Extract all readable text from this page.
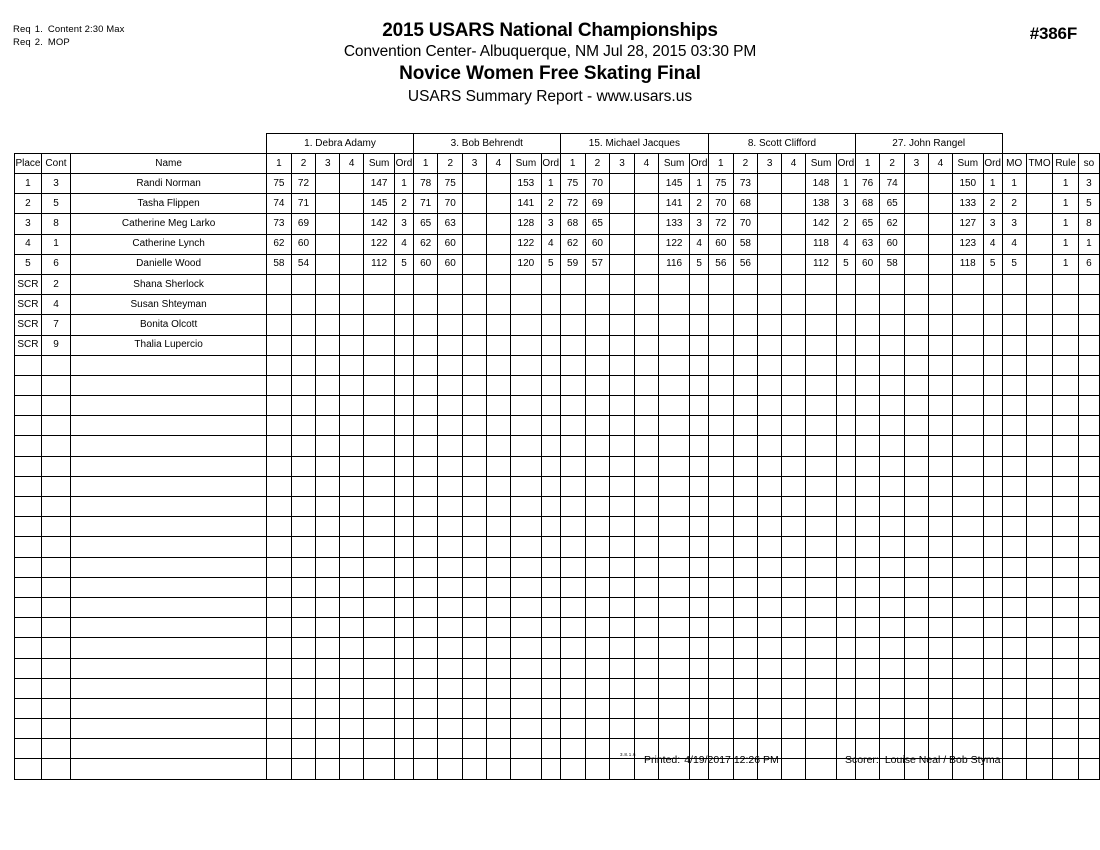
Req 1. Content 2:30 Max
Req 2. MOP
2015 USARS National Championships
Convention Center- Albuquerque, NM Jul 28, 2015 03:30 PM
Novice Women Free Skating Final
USARS Summary Report - www.usars.us
#386F
			1. Debra Adamy						3. Bob Behrendt						15. Michael Jacques						8. Scott Clifford						27. John Rangel									
Place	Cont	Name	1	2	3	4	Sum	Ord	1	2	3	4	Sum	Ord	1	2	3	4	Sum	Ord	1	2	3	4	Sum	Ord	1	2	3	4	Sum	Ord	MO	TMO	Rule	so
1	3	Randi Norman	75	72			147	1	78	75			153	1	75	70			145	1	75	73			148	1	76	74			150	1	1		1	3
2	5	Tasha Flippen	74	71			145	2	71	70			141	2	72	69			141	2	70	68			138	3	68	65			133	2	2		1	5
3	8	Catherine Meg Larko	73	69			142	3	65	63			128	3	68	65			133	3	72	70			142	2	65	62			127	3	3		1	8
4	1	Catherine Lynch	62	60			122	4	62	60			122	4	62	60			122	4	60	58			118	4	63	60			123	4	4		1	1
5	6	Danielle Wood	58	54			112	5	60	60			120	5	59	57			116	5	56	56			112	5	60	58			118	5	5		1	6
SCR	2	Shana Sherlock																																		
SCR	4	Susan Shteyman																																		
SCR	7	Bonita Olcott																																		
SCR	9	Thalia Lupercio																																		

3.8.1.6 Printed: 4/19/2017 12:26 PM	Scorer: Louise Neal / Bob Styma
